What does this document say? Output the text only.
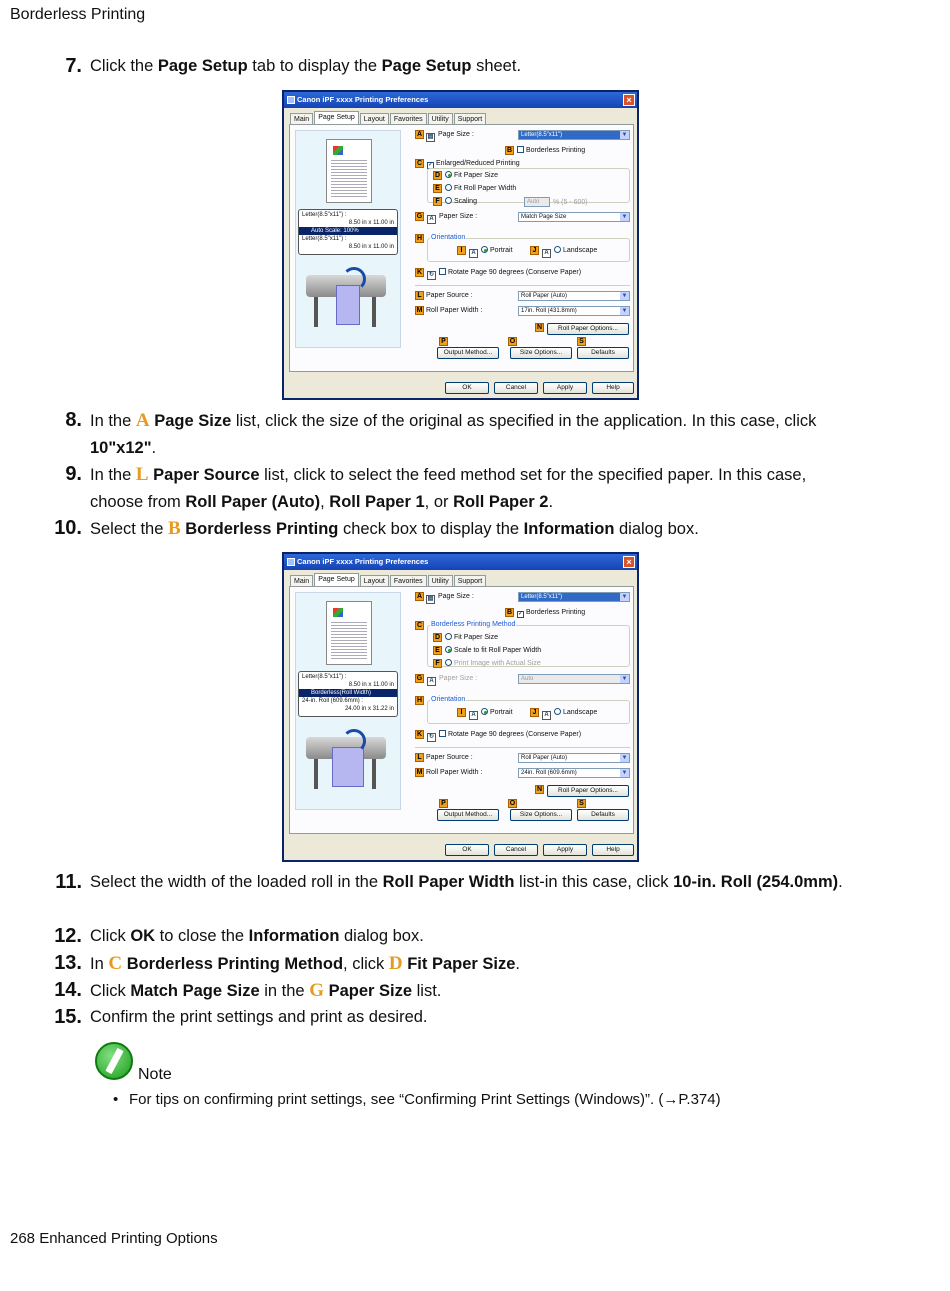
Borderless Printing
7. Click the Page Setup tab to display the Page Setup sheet.
Canon iPF xxxx Printing Preferences	×
Main	Page Setup	Layout	Favorites	Utility	Support
Letter(8.5"x11") :
8.50 in x 11.00 in
Auto Scale: 100%
Letter(8.5"x11") :
8.50 in x 11.00 in
A ▤ Page Size :	Letter(8.5"x11")	▼
B	Borderless Printing
C ✓ Enlarged/Reduced Printing
D	Fit Paper Size
E	Fit Roll Paper Width
F	Scaling	Auto	% (5 - 600)
G	A Paper Size :	Match Page Size	▼
H Orientation
I	A Portrait	J	A Landscape
K	↻ Rotate Page 90 degrees (Conserve Paper)
L Paper Source :	Roll Paper (Auto)	▼
M Roll Paper Width :	17in. Roll (431.8mm)	▼
N	Roll Paper Options...
P	O	S
Output Method...	Size Options...	Defaults
OK	Cancel	Apply	Help
8. In the A Page Size list, click the size of the original as specified in the application. In this case, click 10"x12".
9. In the L Paper Source list, click to select the feed method set for the specified paper. In this case, choose from Roll Paper (Auto), Roll Paper 1, or Roll Paper 2.
10. Select the B Borderless Printing check box to display the Information dialog box.
Canon iPF xxxx Printing Preferences	×
Main	Page Setup	Layout	Favorites	Utility	Support
Letter(8.5"x11") :
8.50 in x 11.00 in
Borderless(Roll Width)
24-in. Roll (609.6mm) :
24.00 in x 31.22 in
A ▤ Page Size :	Letter(8.5"x11")	▼
B ✓ Borderless Printing
C Borderless Printing Method
D	Fit Paper Size
E	Scale to fit Roll Paper Width
F	Print Image with Actual Size
G	A Paper Size :	Auto	▼
H Orientation
I	A Portrait	J	A Landscape
K	↻ Rotate Page 90 degrees (Conserve Paper)
L Paper Source :	Roll Paper (Auto)	▼
M Roll Paper Width :	24in. Roll (609.6mm)	▼
N	Roll Paper Options...
P	O	S
Output Method...	Size Options...	Defaults
OK	Cancel	Apply	Help
11. Select the width of the loaded roll in the Roll Paper Width list-in this case, click 10-in. Roll (254.0mm).
12. Click OK to close the Information dialog box.
13. In C Borderless Printing Method, click D Fit Paper Size.
14. Click Match Page Size in the G Paper Size list.
15. Confirm the print settings and print as desired.
Note
• For tips on confirming print settings, see “Confirming Print Settings (Windows)”. (→P.374)
268 Enhanced Printing Options
